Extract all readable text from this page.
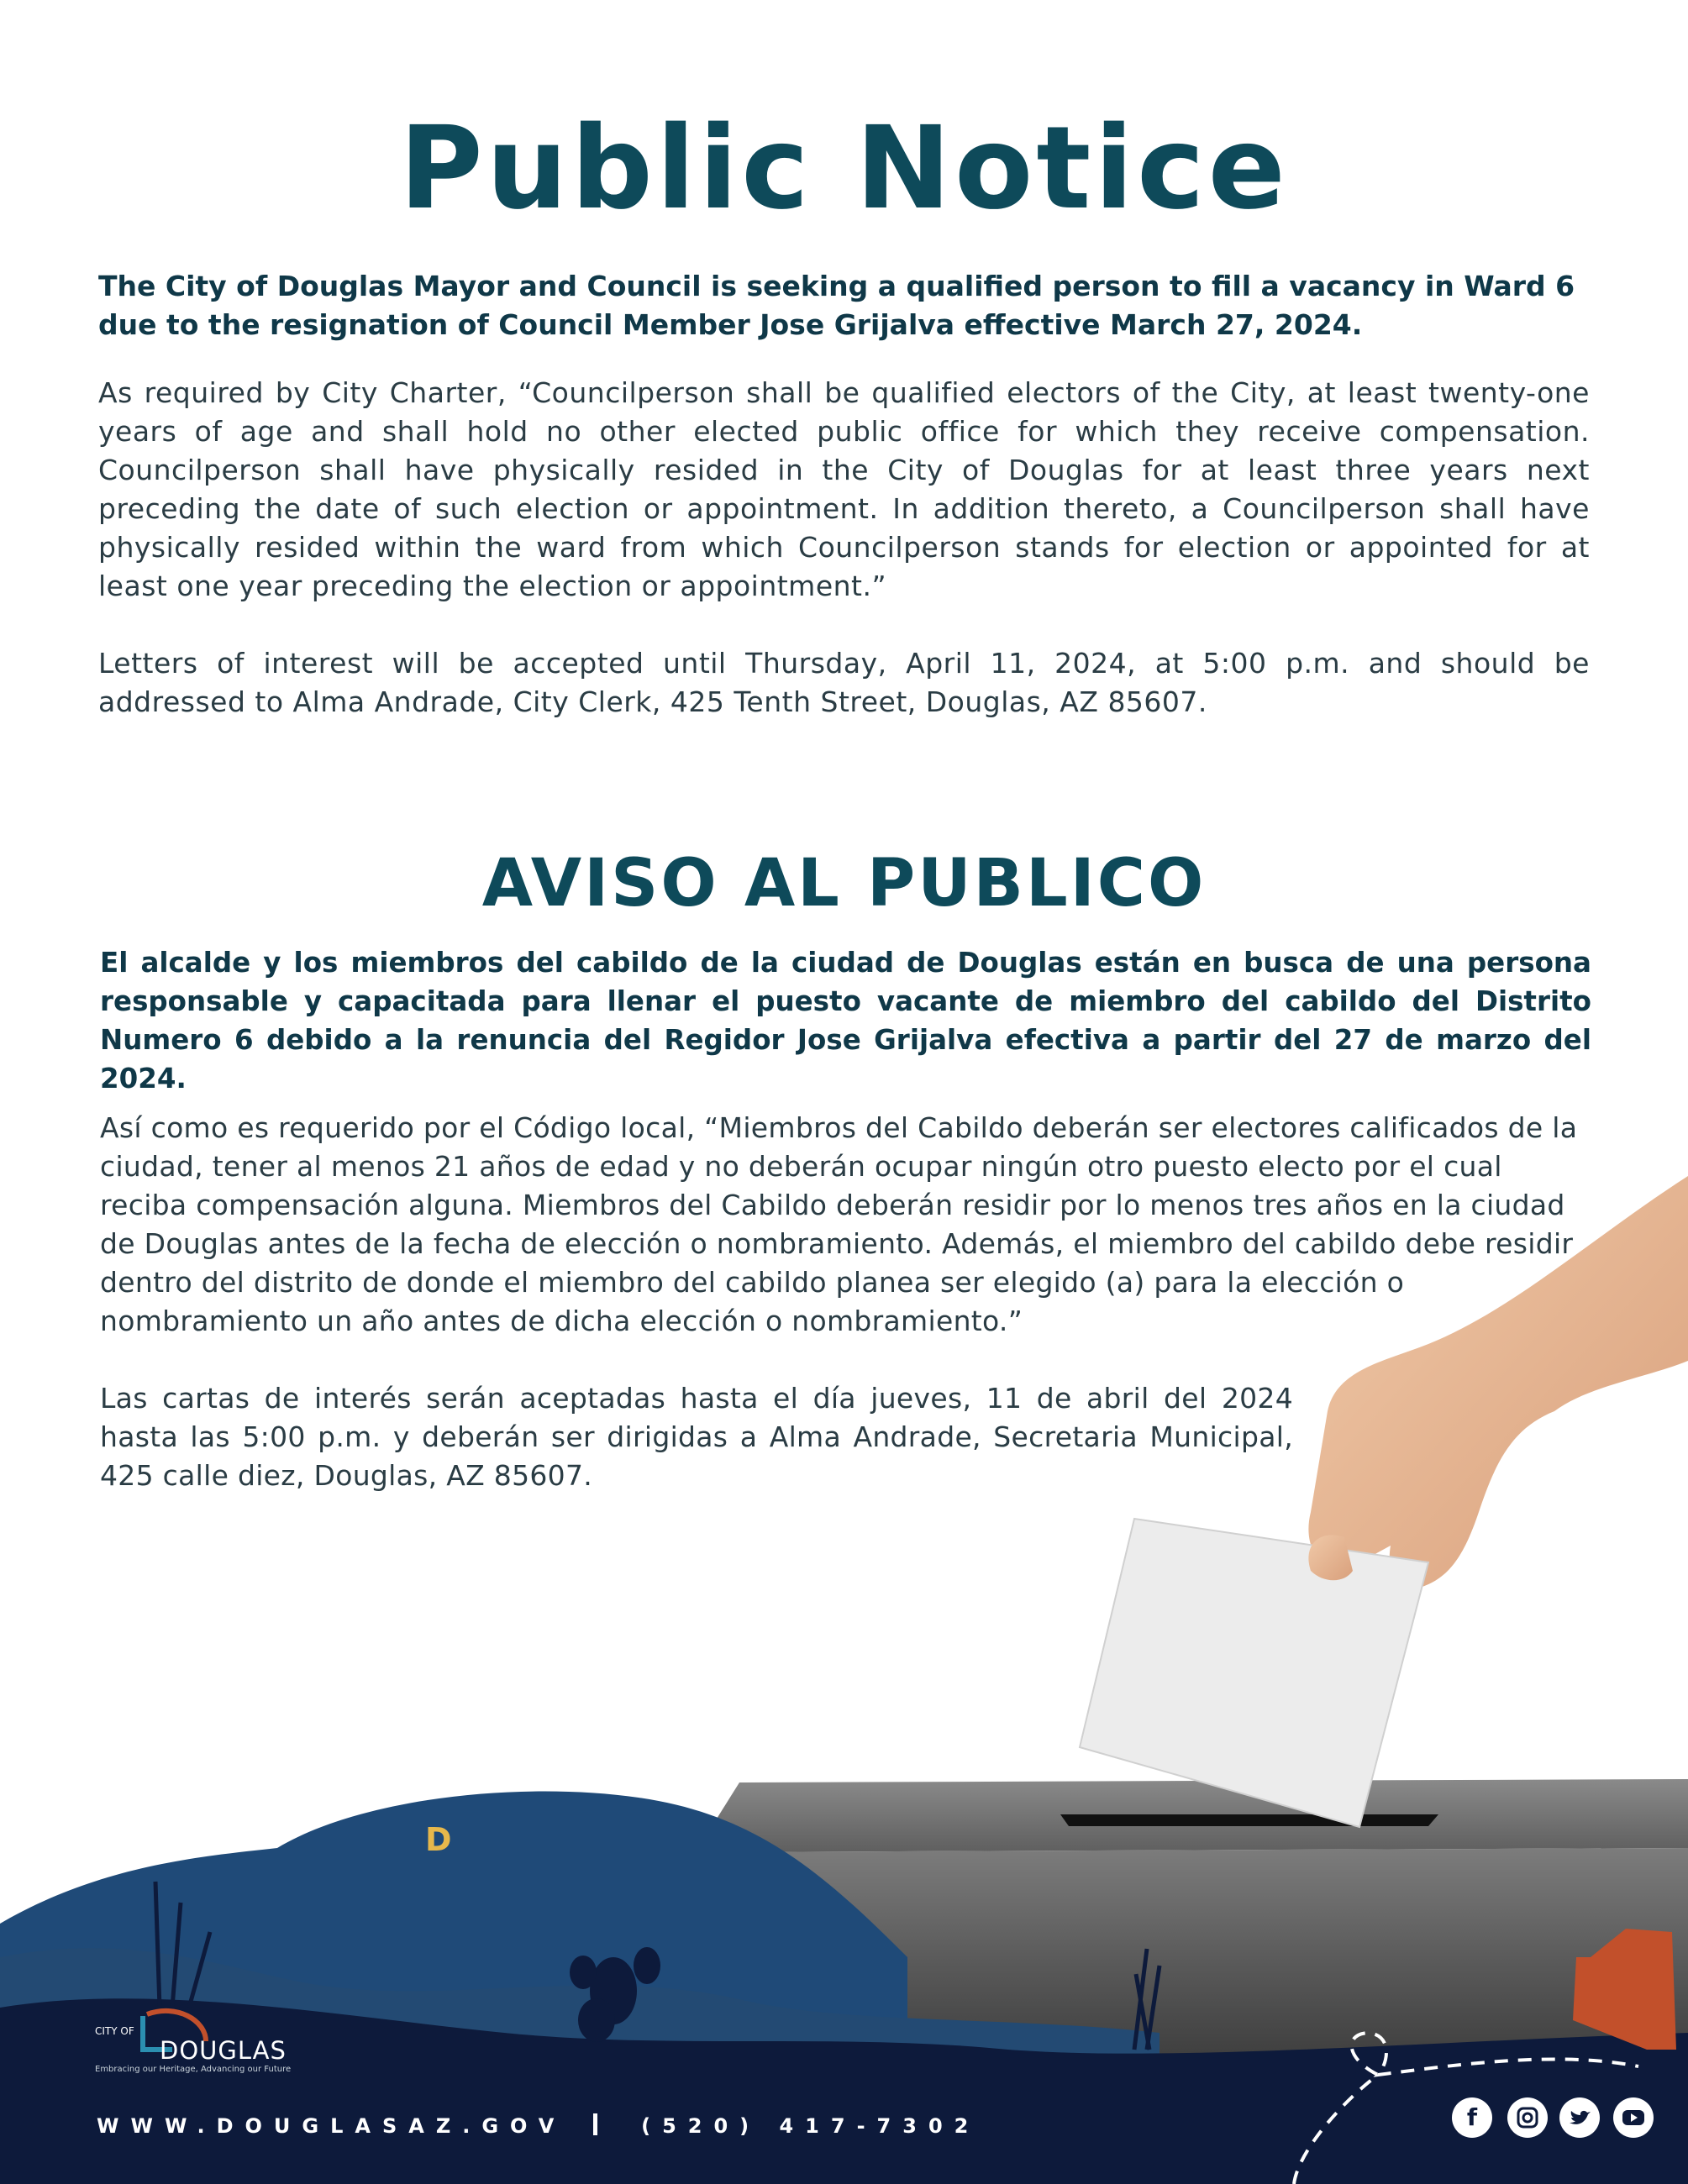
Public Notice

The City of Douglas Mayor and Council is seeking a qualified person to fill a vacancy in Ward 6 due to the resignation of Council Member Jose Grijalva effective March 27, 2024.

As required by City Charter, “Councilperson shall be qualified electors of the City, at least twenty-one years of age and shall hold no other elected public office for which they receive compensation. Councilperson shall have physically resided in the City of Douglas for at least three years next preceding the date of such election or appointment. In addition thereto, a Councilperson shall have physically resided within the ward from which Councilperson stands for election or appointed for at least one year preceding the election or appointment.”

Letters of interest will be accepted until Thursday, April 11, 2024, at 5:00 p.m. and should be addressed to Alma Andrade, City Clerk, 425 Tenth Street, Douglas, AZ 85607.

AVISO AL PUBLICO

El alcalde y los miembros del cabildo de la ciudad de Douglas están en busca de una persona responsable y capacitada para llenar el puesto vacante de miembro del cabildo del Distrito Numero 6 debido a la renuncia del Regidor Jose Grijalva efectiva a partir del 27 de marzo del 2024.

Así como es requerido por el Código local, “Miembros del Cabildo deberán ser electores calificados de la ciudad, tener al menos 21 años de edad y no deberán ocupar ningún otro puesto electo por el cual reciba compensación alguna. Miembros del Cabildo deberán residir por lo menos tres años en la ciudad de Douglas antes de la fecha de elección o nombramiento. Además, el miembro del cabildo debe residir dentro del distrito de donde el miembro del cabildo planea ser elegido (a) para la elección o nombramiento un año antes de dicha elección o nombramiento.”

Las cartas de interés serán aceptadas hasta el día jueves, 11 de abril del 2024 hasta las 5:00 p.m. y deberán ser dirigidas a Alma Andrade, Secretaria Municipal, 425 calle diez, Douglas, AZ 85607.

D
CITY OF
DOUGLAS
Embracing our Heritage, Advancing our Future
WWW.DOUGLASAZ.GOV	(520) 417-7302	f
